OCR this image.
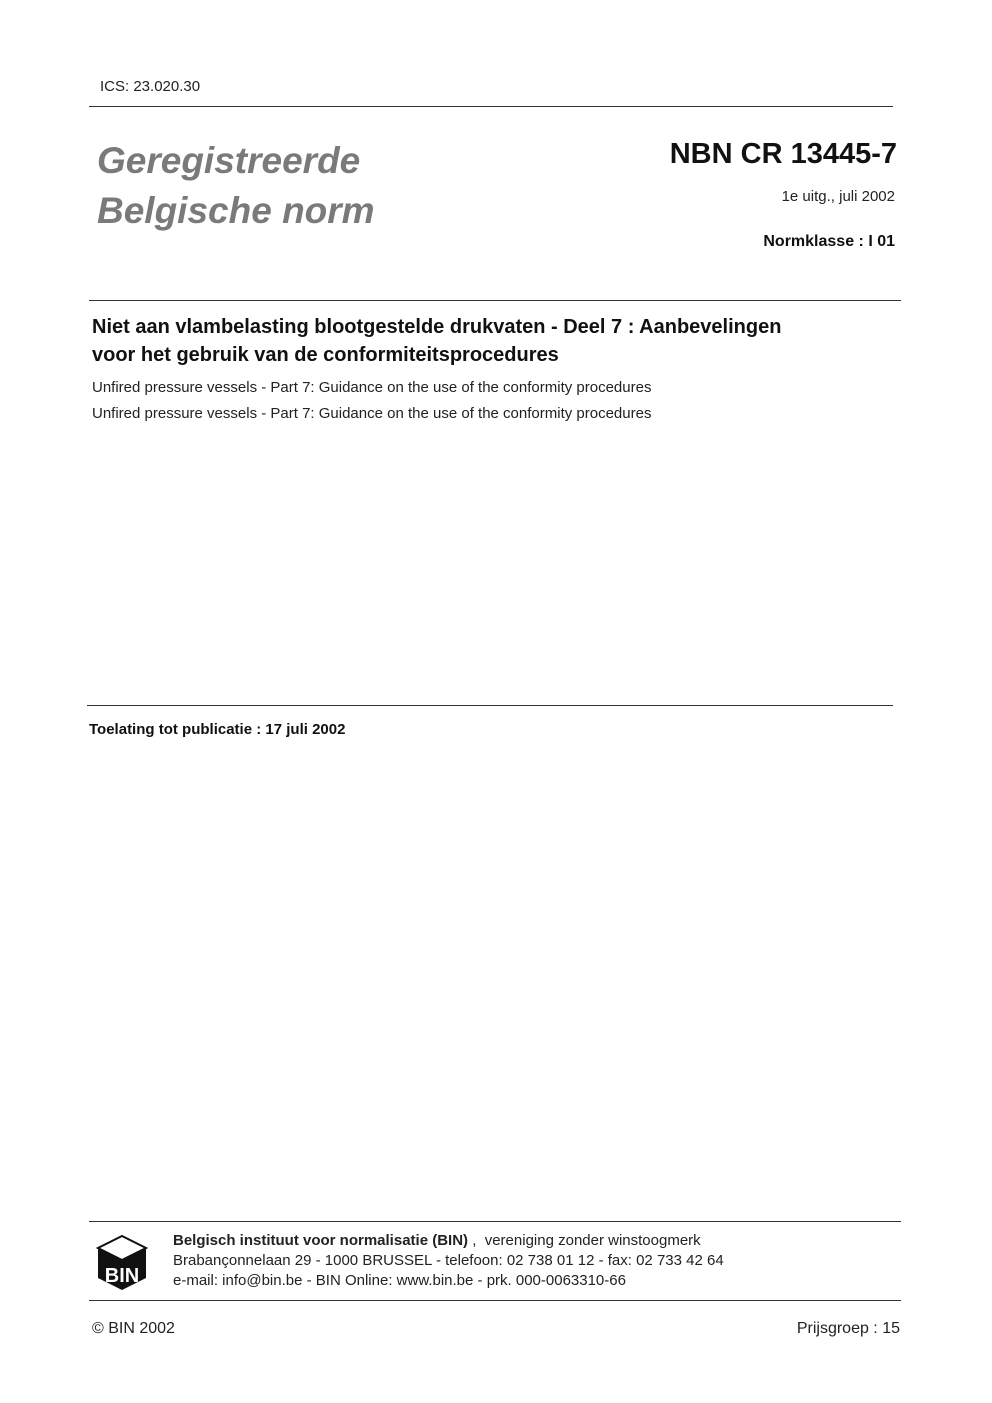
ICS: 23.020.30
Geregistreerde
Belgische norm
NBN CR 13445-7
1e uitg., juli 2002
Normklasse : I 01
Niet aan vlambelasting blootgestelde drukvaten - Deel 7 : Aanbevelingen
voor het gebruik van de conformiteitsprocedures
Unfired pressure vessels - Part 7: Guidance on the use of the conformity procedures
Unfired pressure vessels - Part 7: Guidance on the use of the conformity procedures
Toelating tot publicatie : 17 juli 2002
BIN
Belgisch instituut voor normalisatie (BIN) ,  vereniging zonder winstoogmerk
Brabançonnelaan 29 - 1000 BRUSSEL - telefoon: 02 738 01 12 - fax: 02 733 42 64
e-mail: info@bin.be - BIN Online: www.bin.be - prk. 000-0063310-66
© BIN 2002	Prijsgroep : 15
